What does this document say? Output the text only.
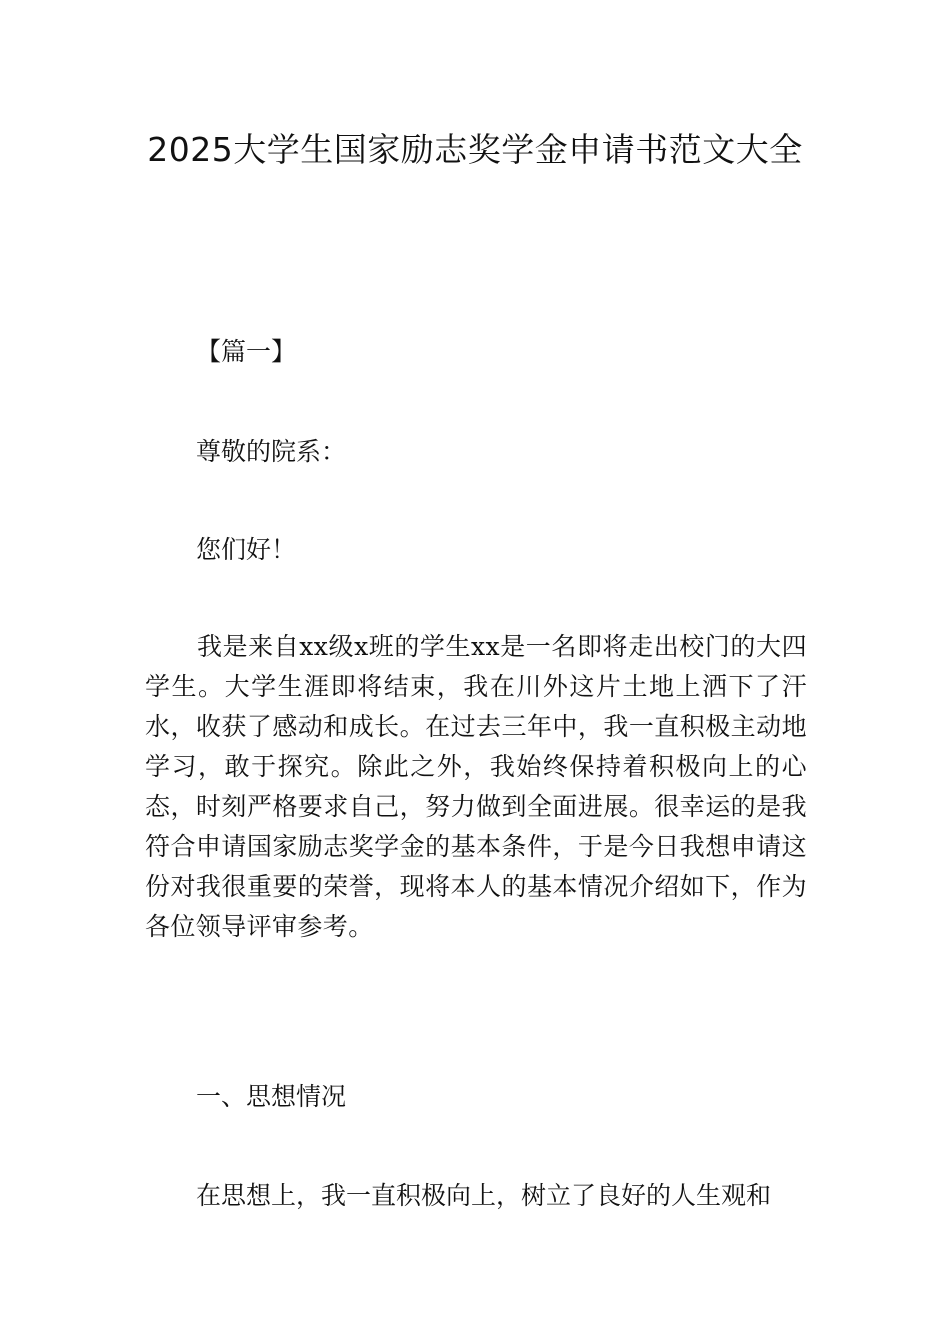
2025大学生国家励志奖学金申请书范文大全

【篇一】

尊敬的院系：

您们好！

我是来自xx级x班的学生xx是一名即将走出校门的大四学生。大学生涯即将结束，我在川外这片土地上洒下了汗水，收获了感动和成长。在过去三年中，我一直积极主动地学习，敢于探究。除此之外，我始终保持着积极向上的心态，时刻严格要求自己，努力做到全面进展。很幸运的是我符合申请国家励志奖学金的基本条件，于是今日我想申请这份对我很重要的荣誉，现将本人的基本情况介绍如下，作为各位领导评审参考。

一、思想情况

在思想上，我一直积极向上，树立了良好的人生观和
